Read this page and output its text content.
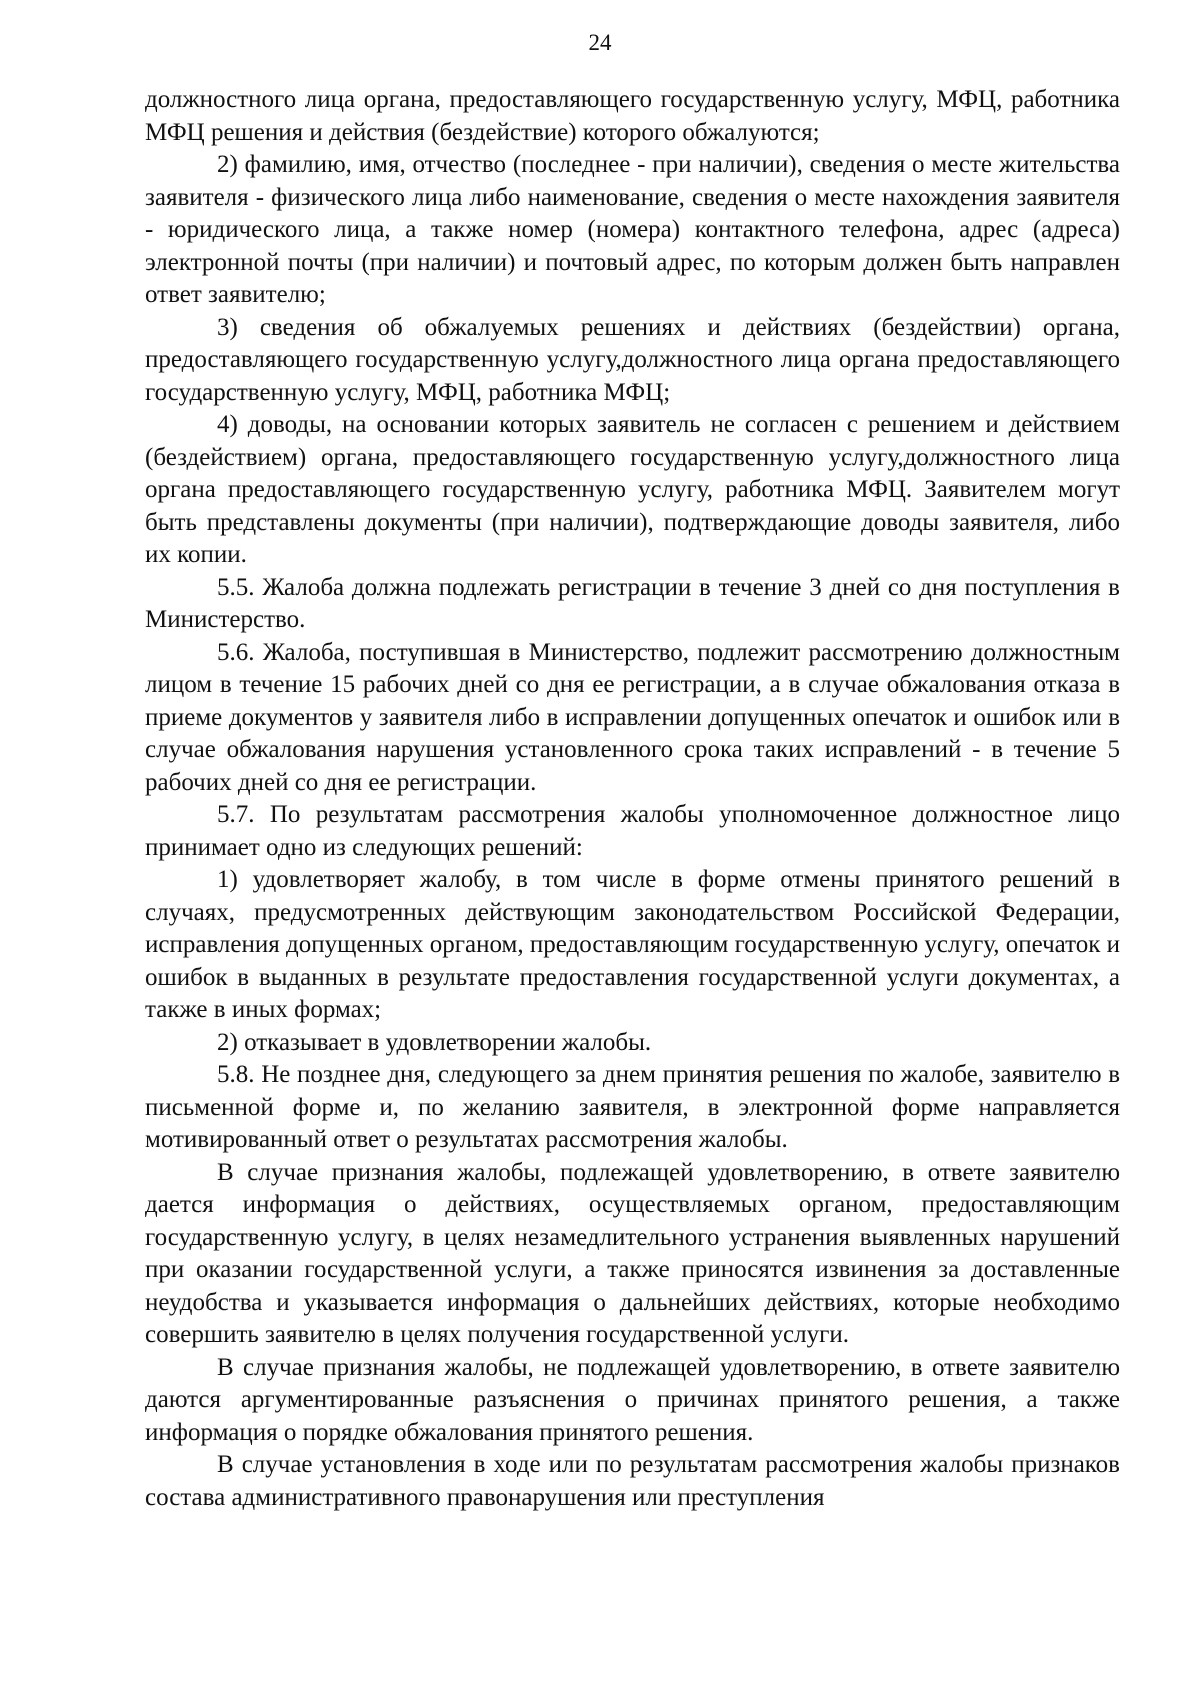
24

должностного лица органа, предоставляющего государственную услугу, МФЦ, работника МФЦ решения и действия (бездействие) которого обжалуются;

2) фамилию, имя, отчество (последнее - при наличии), сведения о месте жительства заявителя - физического лица либо наименование, сведения о месте нахождения заявителя - юридического лица, а также номер (номера) контактного телефона, адрес (адреса) электронной почты (при наличии) и почтовый адрес, по которым должен быть направлен ответ заявителю;

3) сведения об обжалуемых решениях и действиях (бездействии) органа, предоставляющего государственную услугу,должностного лица органа предоставляющего государственную услугу, МФЦ, работника МФЦ;

4) доводы, на основании которых заявитель не согласен с решением и действием (бездействием) органа, предоставляющего государственную услугу,должностного лица органа предоставляющего государственную услугу, работника МФЦ. Заявителем могут быть представлены документы (при наличии), подтверждающие доводы заявителя, либо их копии.

5.5. Жалоба должна подлежать регистрации в течение 3 дней со дня поступления в Министерство.

5.6. Жалоба, поступившая в Министерство, подлежит рассмотрению должностным лицом в течение 15 рабочих дней со дня ее регистрации, а в случае обжалования отказа в приеме документов у заявителя либо в исправлении допущенных опечаток и ошибок или в случае обжалования нарушения установленного срока таких исправлений - в течение 5 рабочих дней со дня ее регистрации.

5.7. По результатам рассмотрения жалобы уполномоченное должностное лицо принимает одно из следующих решений:

1) удовлетворяет жалобу, в том числе в форме отмены принятого решений в случаях, предусмотренных действующим законодательством Российской Федерации, исправления допущенных органом, предоставляющим государственную услугу, опечаток и ошибок в выданных в результате предоставления государственной услуги документах, а также в иных формах;

2) отказывает в удовлетворении жалобы.

5.8. Не позднее дня, следующего за днем принятия решения по жалобе, заявителю в письменной форме и, по желанию заявителя, в электронной форме направляется мотивированный ответ о результатах рассмотрения жалобы.

В случае признания жалобы, подлежащей удовлетворению, в ответе заявителю дается информация о действиях, осуществляемых органом, предоставляющим государственную услугу, в целях незамедлительного устранения выявленных нарушений при оказании государственной услуги, а также приносятся извинения за доставленные неудобства и указывается информация о дальнейших действиях, которые необходимо совершить заявителю в целях получения государственной услуги.

В случае признания жалобы, не подлежащей удовлетворению, в ответе заявителю даются аргументированные разъяснения о причинах принятого решения, а также информация о порядке обжалования принятого решения.

В случае установления в ходе или по результатам рассмотрения жалобы признаков состава административного правонарушения или преступления
